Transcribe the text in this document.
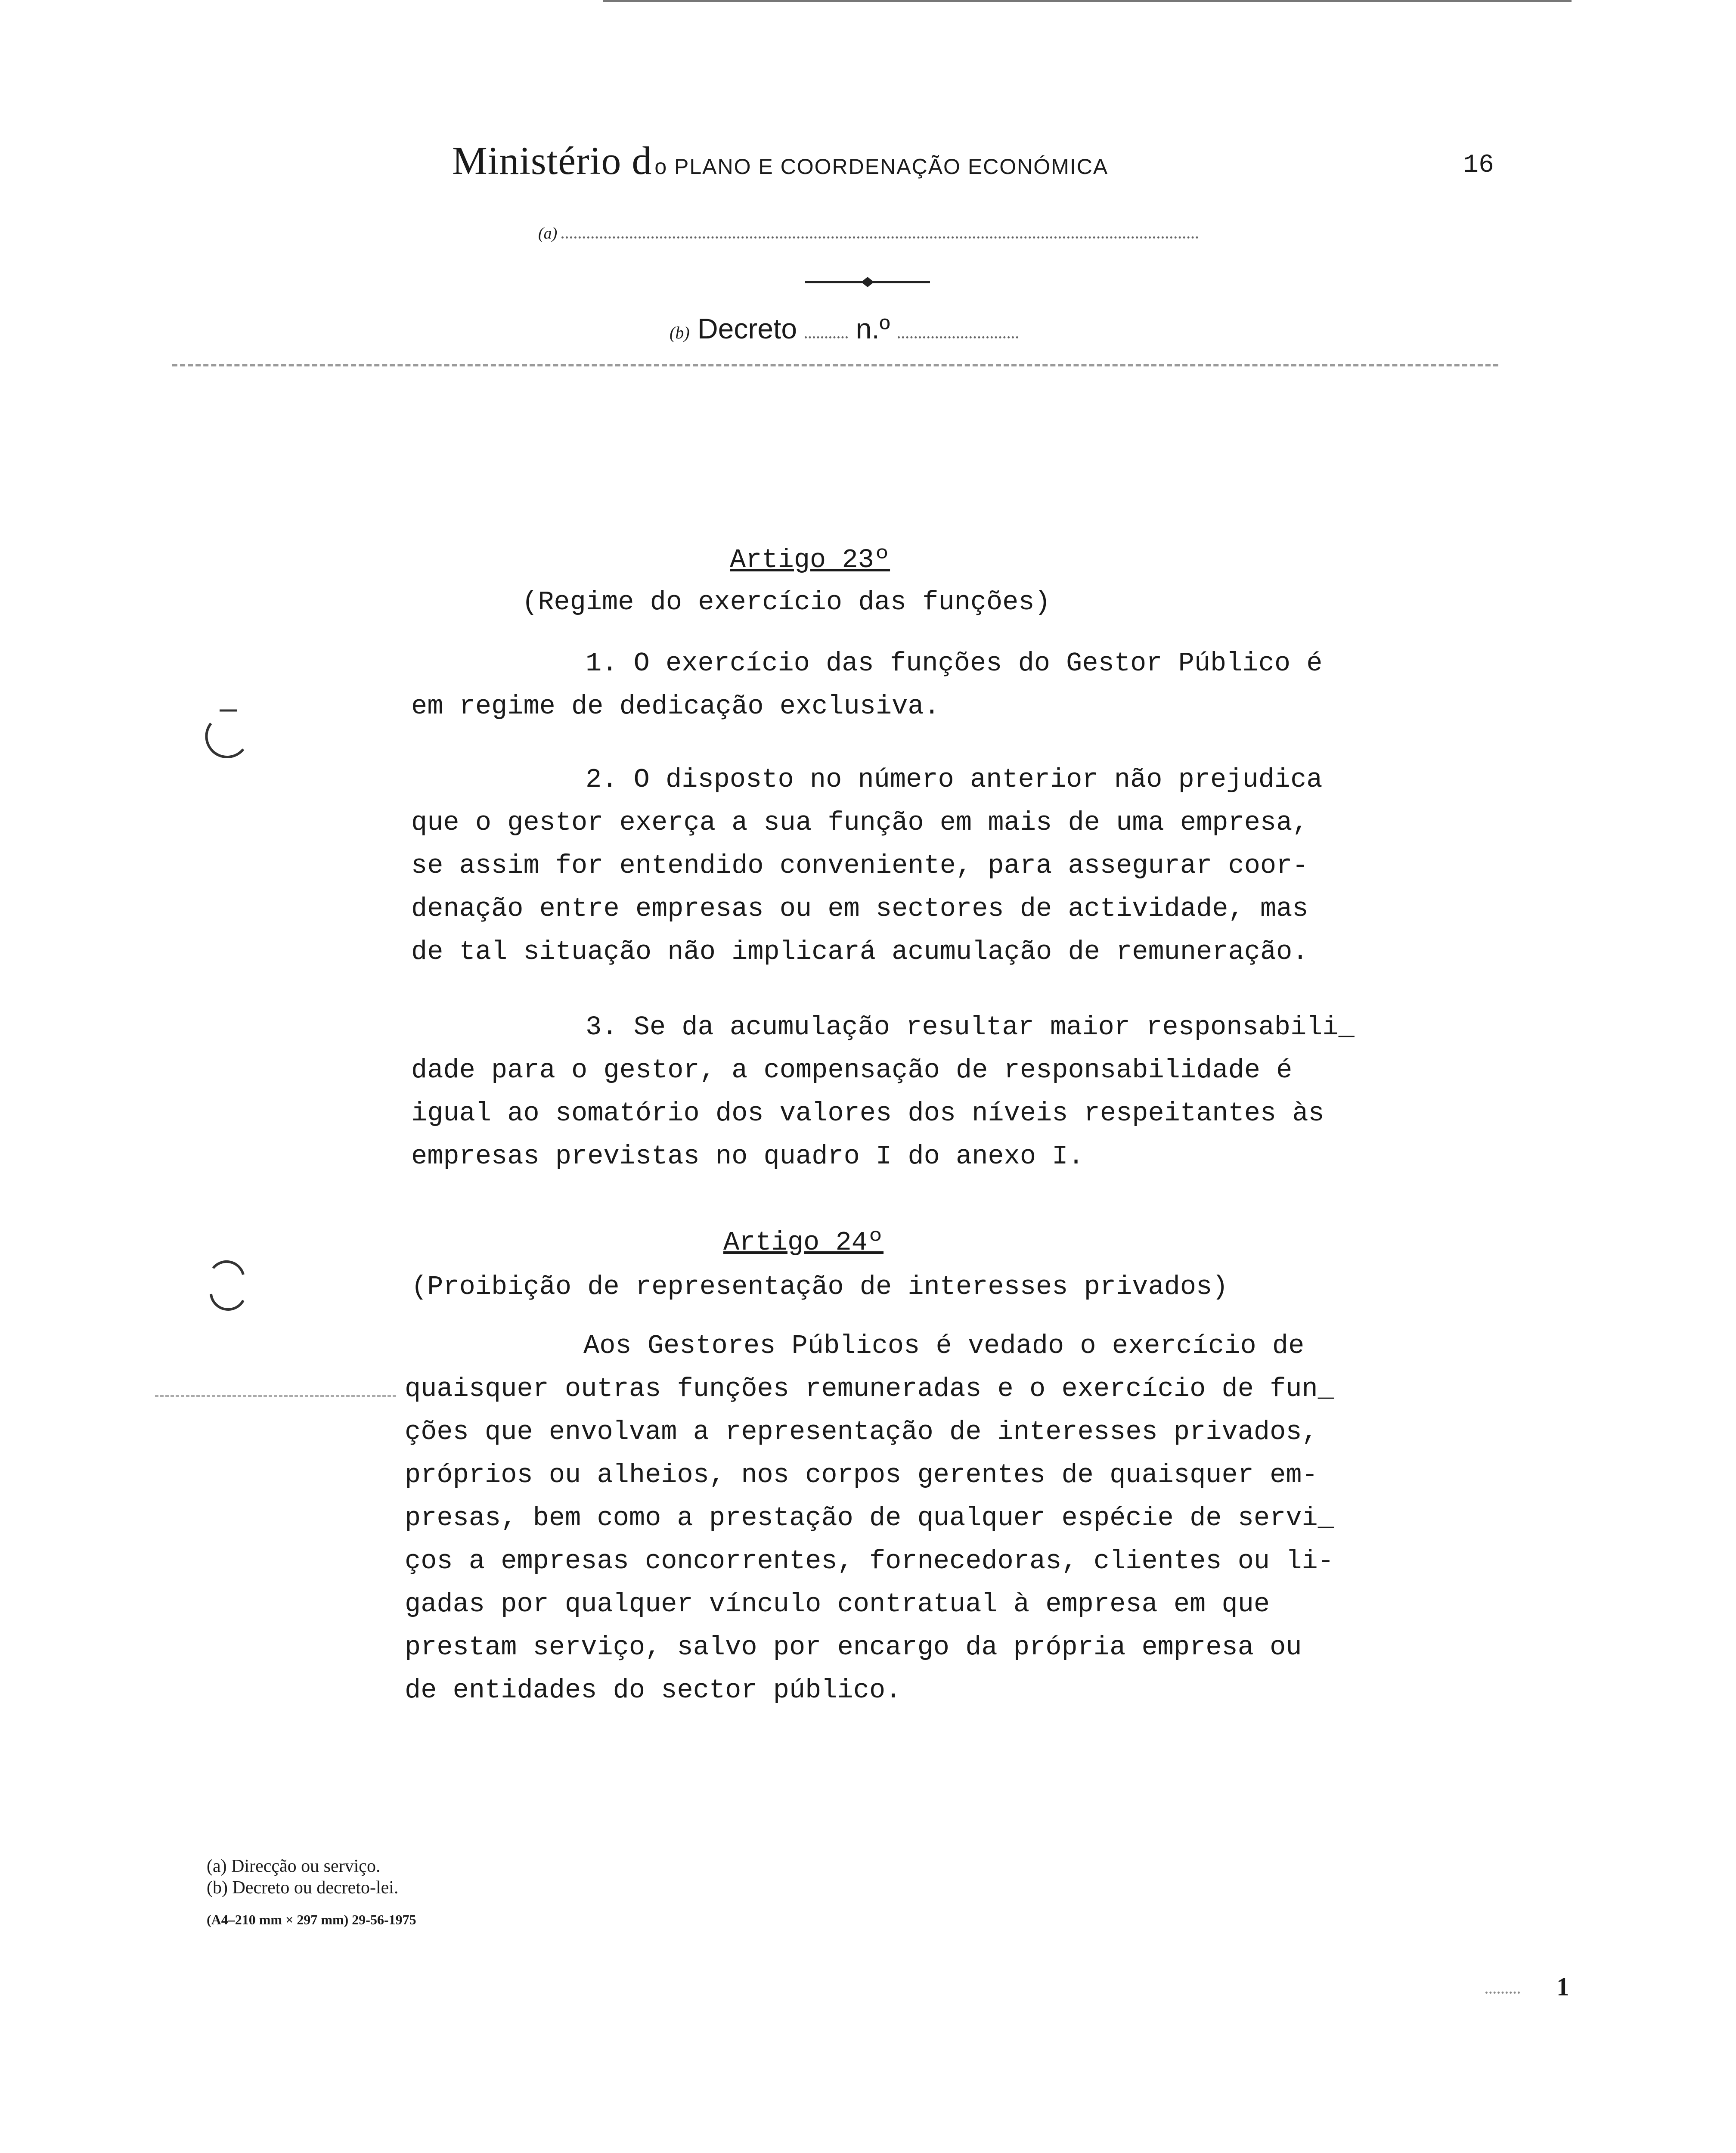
Ministério d o PLANO E COORDENAÇÃO ECONÓMICA	16
(a)
(b) Decreto n.º
Artigo 23º
(Regime do exercício das funções)
1. O exercício das funções do Gestor Público é
em regime de dedicação exclusiva.
2. O disposto no número anterior não prejudica
que o gestor exerça a sua função em mais de uma empresa,
se assim for entendido conveniente, para assegurar coor-
denação entre empresas ou em sectores de actividade, mas
de tal situação não implicará acumulação de remuneração.
3. Se da acumulação resultar maior responsabili_
dade para o gestor, a compensação de responsabilidade é
igual ao somatório dos valores dos níveis respeitantes às
empresas previstas no quadro I do anexo I.
Artigo 24º
(Proibição de representação de interesses privados)
Aos Gestores Públicos é vedado o exercício de
quaisquer outras funções remuneradas e o exercício de fun_
ções que envolvam a representação de interesses privados,
próprios ou alheios, nos corpos gerentes de quaisquer em-
presas, bem como a prestação de qualquer espécie de servi_
ços a empresas concorrentes, fornecedoras, clientes ou li-
gadas por qualquer vínculo contratual à empresa em que
prestam serviço, salvo por encargo da própria empresa ou
de entidades do sector público.
(a) Direcção ou serviço.
(b) Decreto ou decreto-lei.
(A4–210 mm × 297 mm) 29-56-1975
1
